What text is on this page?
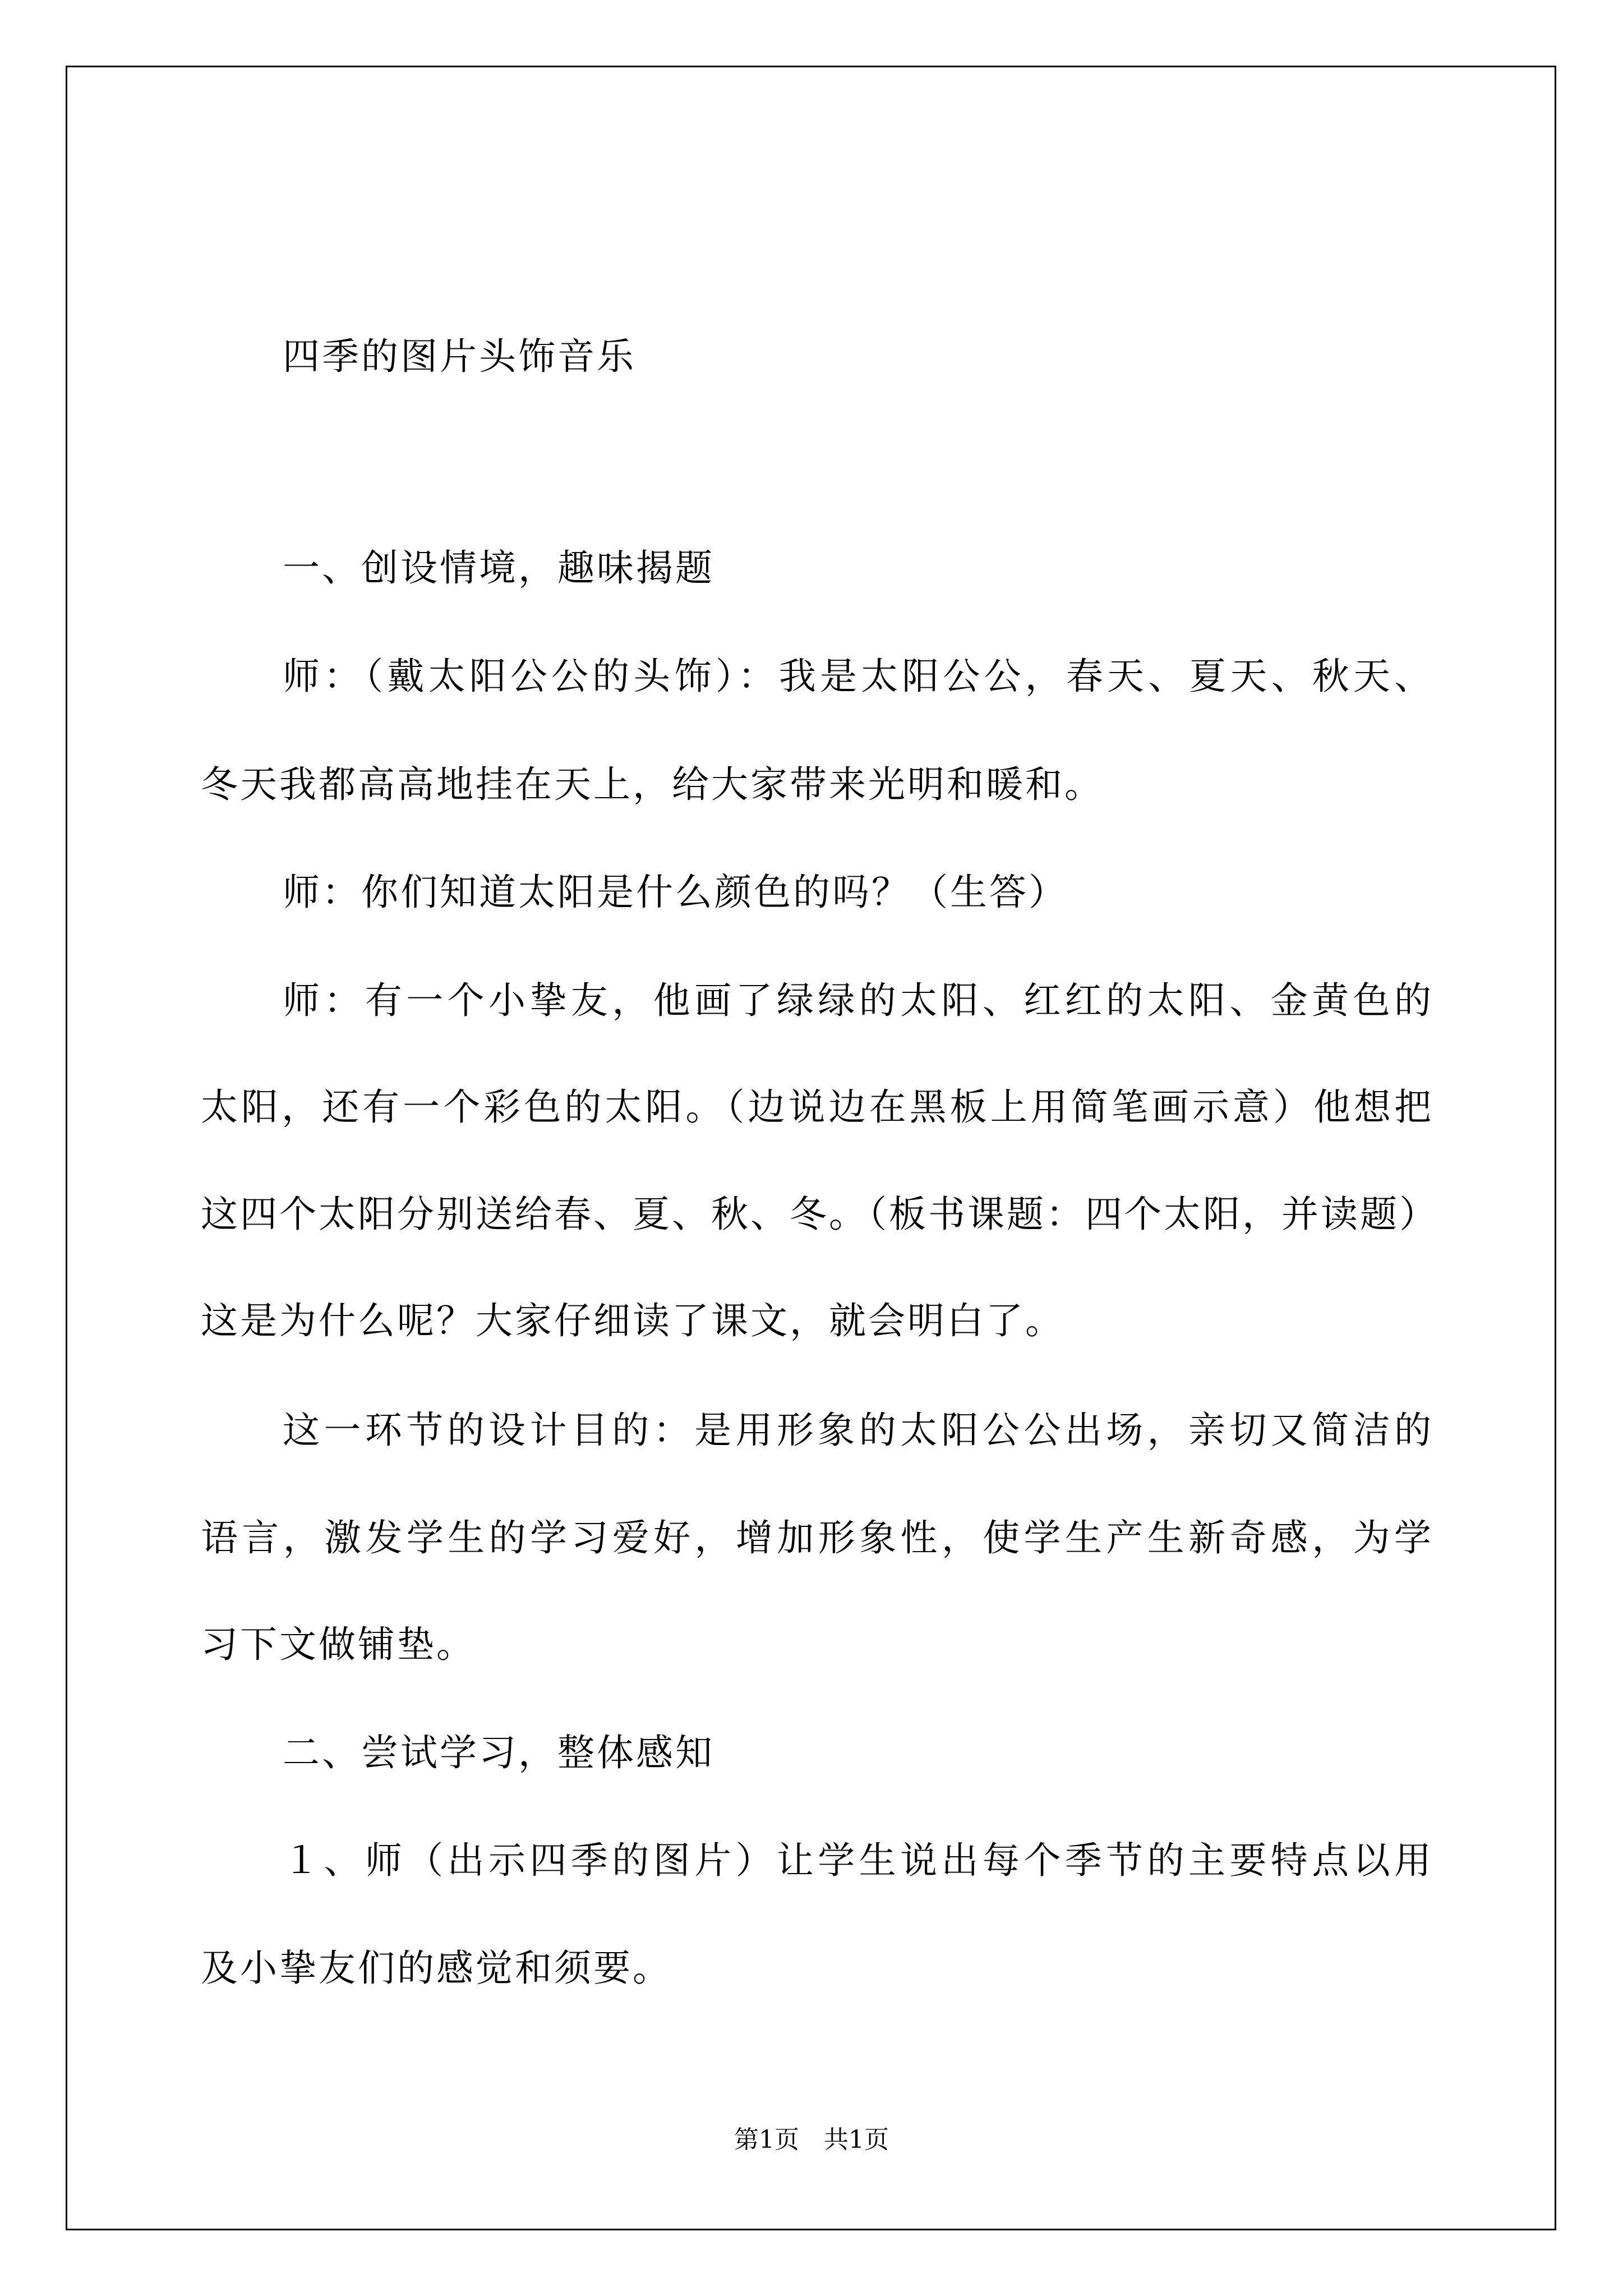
四季的图片头饰音乐
一、创设情境，趣味揭题
师：（戴太阳公公的头饰）：我是太阳公公，春天、夏天、秋天、
冬天我都高高地挂在天上，给大家带来光明和暖和。
师：你们知道太阳是什么颜色的吗？（生答）
师：有一个小挚友，他画了绿绿的太阳、红红的太阳、金黄色的
太阳，还有一个彩色的太阳。（边说边在黑板上用简笔画示意）他想把
这四个太阳分别送给春、夏、秋、冬。（板书课题：四个太阳，并读题）
这是为什么呢？大家仔细读了课文，就会明白了。
这一环节的设计目的：是用形象的太阳公公出场，亲切又简洁的
语言，激发学生的学习爱好，增加形象性，使学生产生新奇感，为学
习下文做铺垫。
二、尝试学习，整体感知
１、师（出示四季的图片）让学生说出每个季节的主要特点以用
及小挚友们的感觉和须要。
第1页　共1页
